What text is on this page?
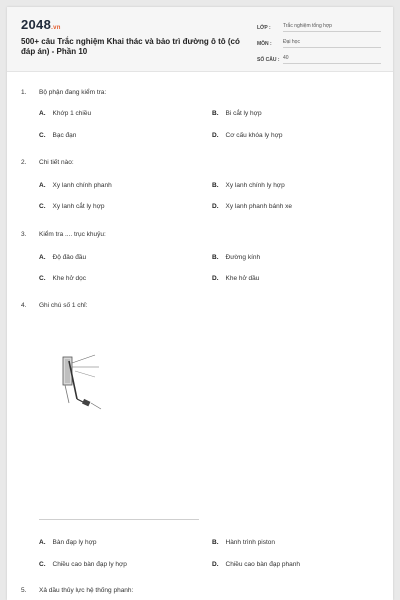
2048.vn
500+ câu Trắc nghiệm Khai thác và bảo trì đường ô tô (có đáp án) - Phần 10
LỚP : Trắc nghiệm tổng hợp
MÔN : Đại học
SỐ CÂU : 40
1. Bộ phận đang kiểm tra:
A. Khớp 1 chiều	B. Bi cắt ly hợp
C. Bạc đạn	D. Cơ cấu khóa ly hợp
2. Chi tiết nào:
A. Xy lanh chính phanh	B. Xy lanh chính ly hợp
C. Xy lanh cắt ly hợp	D. Xy lanh phanh bánh xe
3. Kiểm tra .... trục khuỷu:
A. Độ đảo đầu	B. Đường kính
C. Khe hở dọc	D. Khe hở dầu
4. Ghi chú số 1 chỉ:
A. Bàn đạp ly hợp	B. Hành trình piston
C. Chiều cao bàn đạp ly hợp	D. Chiều cao bàn đạp phanh
5. Xả dầu thủy lực hệ thống phanh:
